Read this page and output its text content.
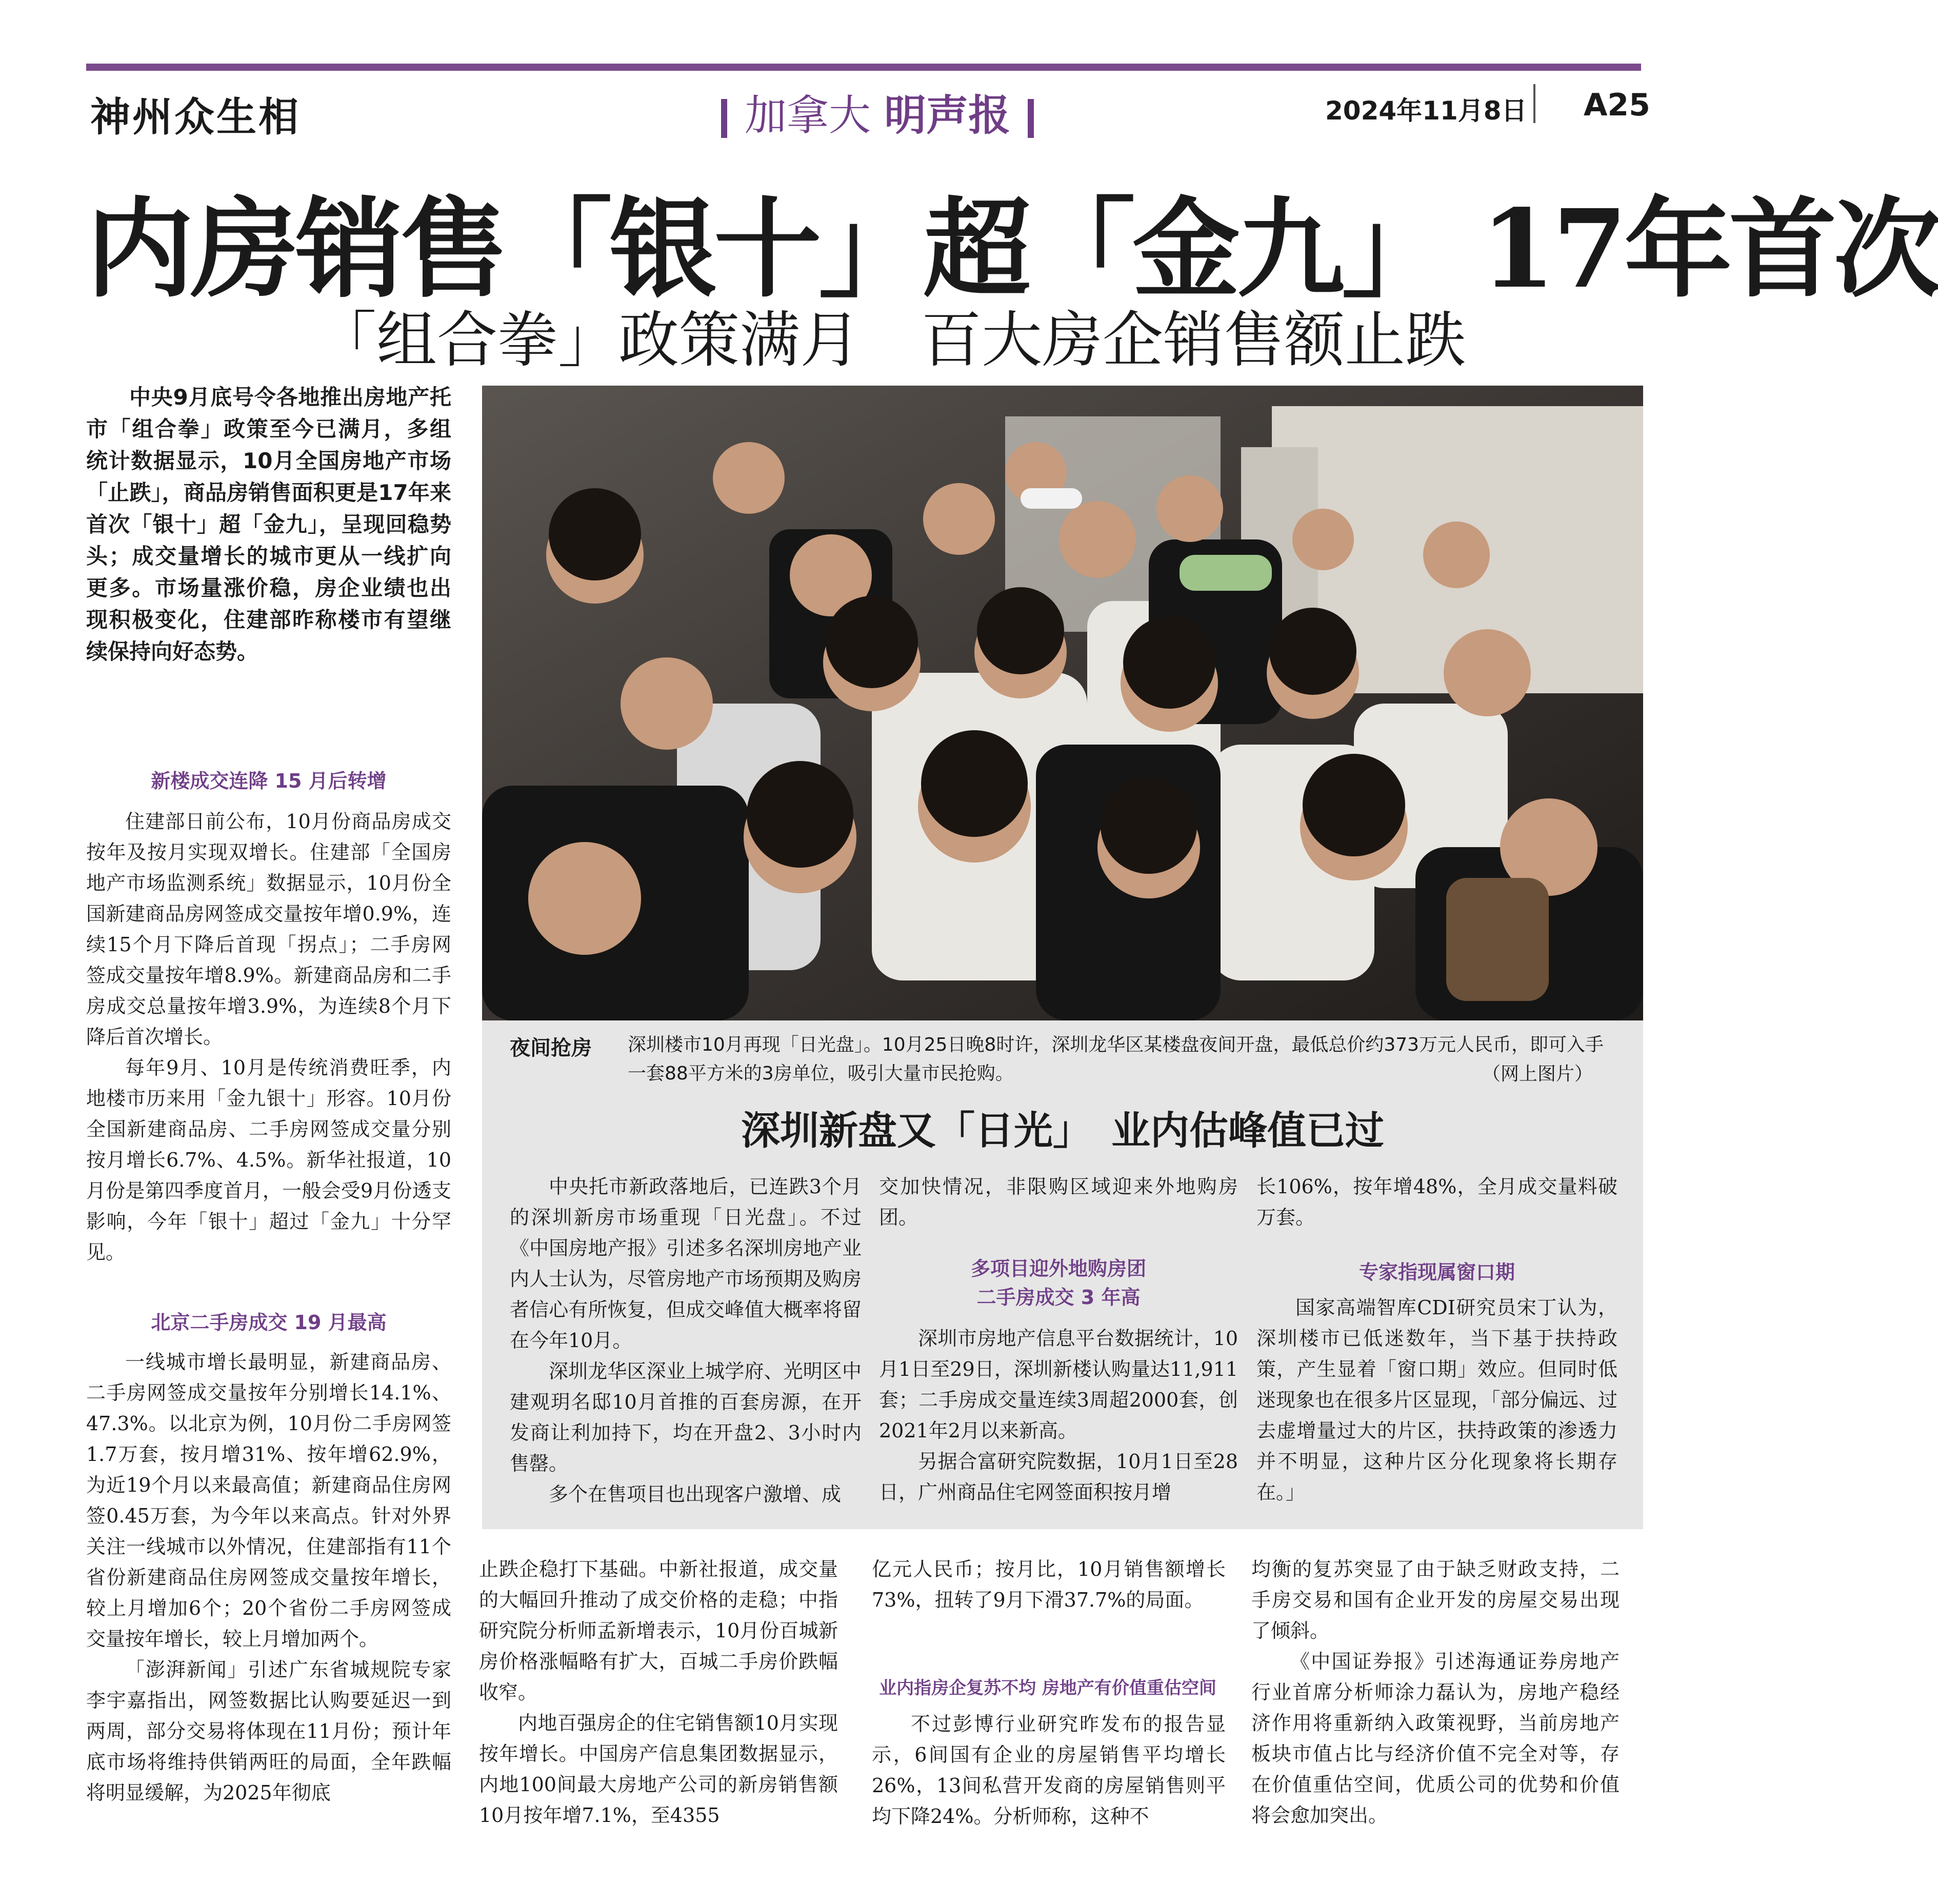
神州众生相	加拿大 明声报	2024年11月8日 A25
内房销售「银十」超「金九」 17年首次
「组合拳」政策满月　百大房企销售额止跌

中央9月底号令各地推出房地产托市「组合拳」政策至今已满月，多组统计数据显示，10月全国房地产市场「止跌」，商品房销售面积更是17年来首次「银十」超「金九」，呈现回稳势头；成交量增长的城市更从一线扩向更多。市场量涨价稳，房企业绩也出现积极变化，住建部昨称楼市有望继续保持向好态势。

新楼成交连降 15 月后转增

住建部日前公布，10月份商品房成交按年及按月实现双增长。住建部「全国房地产市场监测系统」数据显示，10月份全国新建商品房网签成交量按年增0.9%，连续15个月下降后首现「拐点」；二手房网签成交量按年增8.9%。新建商品房和二手房成交总量按年增3.9%，为连续8个月下降后首次增长。

每年9月、10月是传统消费旺季，内地楼市历来用「金九银十」形容。10月份全国新建商品房、二手房网签成交量分别按月增长6.7%、4.5%。新华社报道，10月份是第四季度首月，一般会受9月份透支影响，今年「银十」超过「金九」十分罕见。

北京二手房成交 19 月最高

一线城市增长最明显，新建商品房、二手房网签成交量按年分别增长14.1%、47.3%。以北京为例，10月份二手房网签1.7万套，按月增31%、按年增62.9%，为近19个月以来最高值；新建商品住房网签0.45万套，为今年以来高点。针对外界关注一线城市以外情况，住建部指有11个省份新建商品住房网签成交量按年增长，较上月增加6个；20个省份二手房网签成交量按年增长，较上月增加两个。

「澎湃新闻」引述广东省城规院专家李宇嘉指出，网签数据比认购要延迟一到两周，部分交易将体现在11月份；预计年底市场将维持供销两旺的局面，全年跌幅将明显缓解，为2025年彻底

夜间抢房 深圳楼市10月再现「日光盘」。10月25日晚8时许，深圳龙华区某楼盘夜间开盘，最低总价约373万元人民币，即可入手一套88平方米的3房单位，吸引大量市民抢购。	（网上图片）
深圳新盘又「日光」　业内估峰值已过

中央托市新政落地后，已连跌3个月的深圳新房市场重现「日光盘」。不过《中国房地产报》引述多名深圳房地产业内人士认为，尽管房地产市场预期及购房者信心有所恢复，但成交峰值大概率将留在今年10月。

深圳龙华区深业上城学府、光明区中建观玥名邸10月首推的百套房源，在开发商让利加持下，均在开盘2、3小时内售罄。

多个在售项目也出现客户激增、成

交加快情况，非限购区域迎来外地购房团。

多项目迎外地购房团
二手房成交 3 年高

深圳市房地产信息平台数据统计，10月1日至29日，深圳新楼认购量达11,911套；二手房成交量连续3周超2000套，创2021年2月以来新高。

另据合富研究院数据，10月1日至28日，广州商品住宅网签面积按月增

长106%，按年增48%，全月成交量料破万套。

专家指现属窗口期

国家高端智库CDI研究员宋丁认为，深圳楼市已低迷数年，当下基于扶持政策，产生显着「窗口期」效应。但同时低迷现象也在很多片区显现，「部分偏远、过去虚增量过大的片区，扶持政策的渗透力并不明显，这种片区分化现象将长期存在。」

止跌企稳打下基础。中新社报道，成交量的大幅回升推动了成交价格的走稳；中指研究院分析师孟新增表示，10月份百城新房价格涨幅略有扩大，百城二手房价跌幅收窄。

内地百强房企的住宅销售额10月实现按年增长。中国房产信息集团数据显示，内地100间最大房地产公司的新房销售额10月按年增7.1%，至4355

亿元人民币；按月比，10月销售额增长73%，扭转了9月下滑37.7%的局面。

业内指房企复苏不均 房地产有价值重估空间

不过彭博行业研究昨发布的报告显示，6间国有企业的房屋销售平均增长26%，13间私营开发商的房屋销售则平均下降24%。分析师称，这种不

均衡的复苏突显了由于缺乏财政支持，二手房交易和国有企业开发的房屋交易出现了倾斜。

《中国证券报》引述海通证券房地产行业首席分析师涂力磊认为，房地产稳经济作用将重新纳入政策视野，当前房地产板块市值占比与经济价值不完全对等，存在价值重估空间，优质公司的优势和价值将会愈加突出。
